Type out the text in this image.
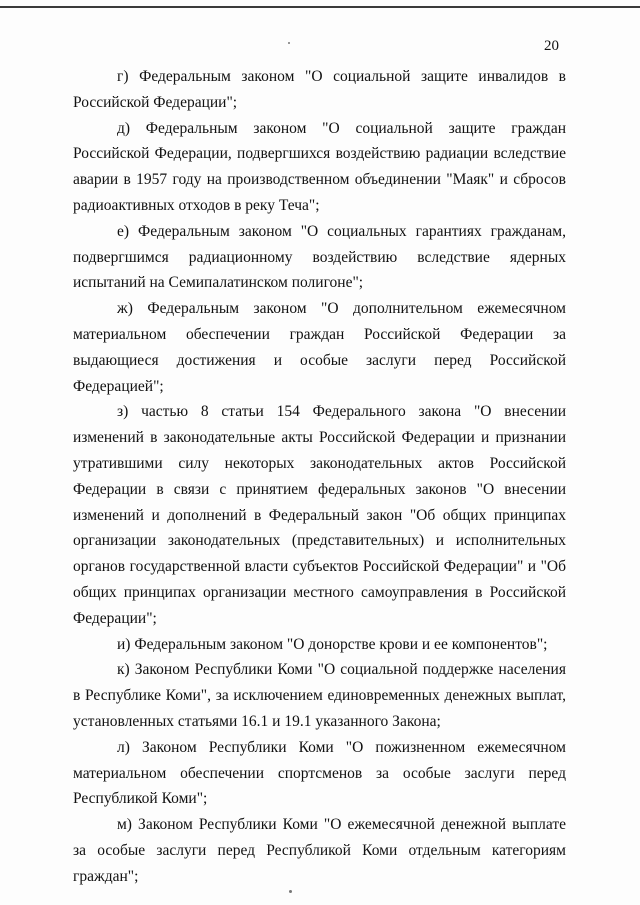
20

г) Федеральным законом "О социальной защите инвалидов в Российской Федерации";

д) Федеральным законом "О социальной защите граждан Российской Федерации, подвергшихся воздействию радиации вследствие аварии в 1957 году на производственном объединении "Маяк" и сбросов радиоактивных отходов в реку Теча";

е) Федеральным законом "О социальных гарантиях гражданам, подвергшимся радиационному воздействию вследствие ядерных испытаний на Семипалатинском полигоне";

ж) Федеральным законом "О дополнительном ежемесячном материальном обеспечении граждан Российской Федерации за выдающиеся достижения и особые заслуги перед Российской Федерацией";

з) частью 8 статьи 154 Федерального закона "О внесении изменений в законодательные акты Российской Федерации и признании утратившими силу некоторых законодательных актов Российской Федерации в связи с принятием федеральных законов "О внесении изменений и дополнений в Федеральный закон "Об общих принципах организации законодательных (представительных) и исполнительных органов государственной власти субъектов Российской Федерации" и "Об общих принципах организации местного самоуправления в Российской Федерации";

и) Федеральным законом "О донорстве крови и ее компонентов";

к) Законом Республики Коми "О социальной поддержке населения в Республике Коми", за исключением единовременных денежных выплат, установленных статьями 16.1 и 19.1 указанного Закона;

л) Законом Республики Коми "О пожизненном ежемесячном материальном обеспечении спортсменов за особые заслуги перед Республикой Коми";

м) Законом Республики Коми "О ежемесячной денежной выплате за особые заслуги перед Республикой Коми отдельным категориям граждан";
